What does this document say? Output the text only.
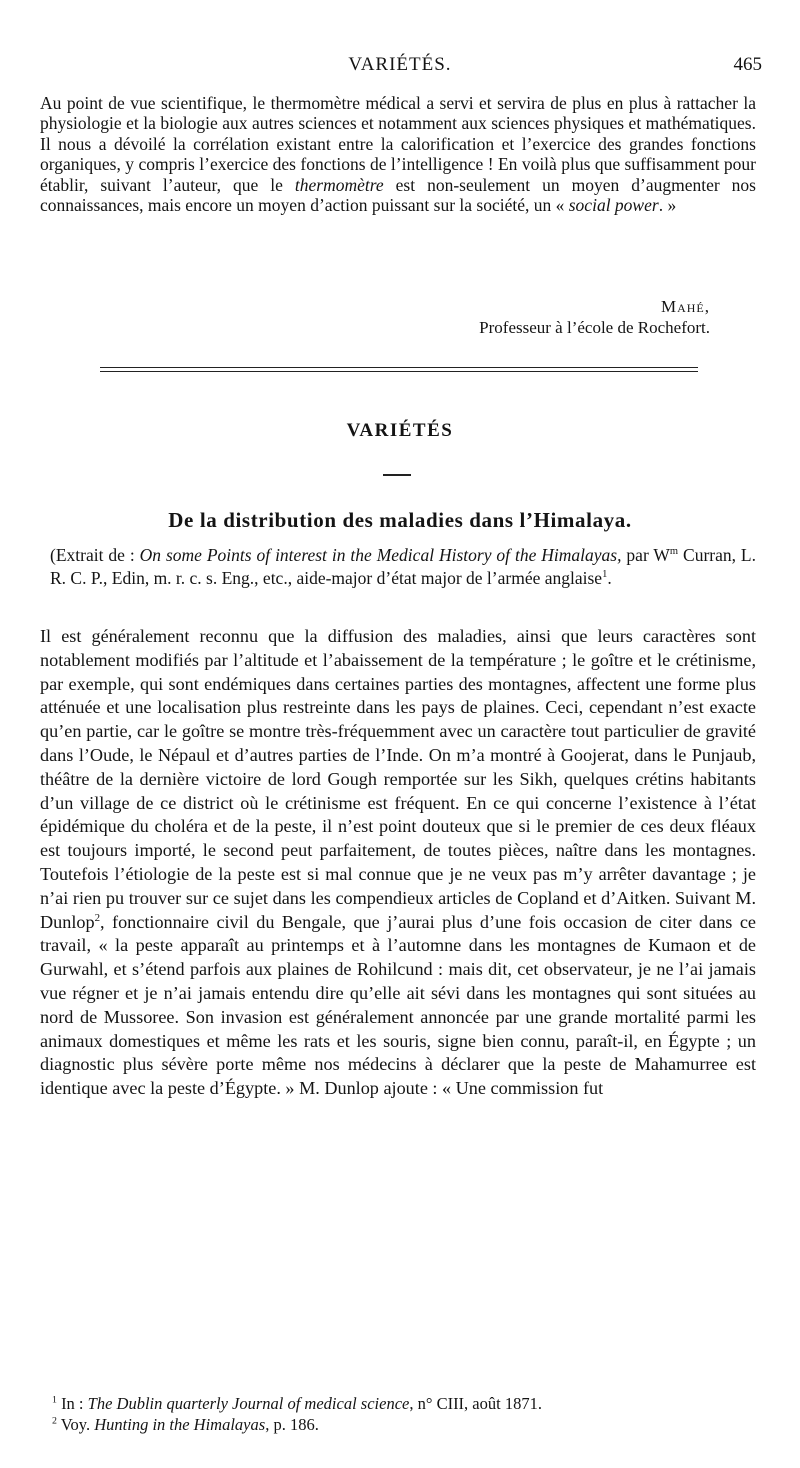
VARIÉTÉS.	465
Au point de vue scientifique, le thermomètre médical a servi et servira de plus en plus à rattacher la physiologie et la biologie aux autres sciences et notamment aux sciences physiques et mathématiques. Il nous a dévoilé la corrélation existant entre la calorification et l’exercice des grandes fonctions organiques, y compris l’exercice des fonctions de l’intelligence ! En voilà plus que suffisamment pour établir, suivant l’auteur, que le thermomètre est non-seulement un moyen d’augmenter nos connaissances, mais encore un moyen d’action puissant sur la société, un « social power. »
Mahé,
Professeur à l’école de Rochefort.
VARIÉTÉS
De la distribution des maladies dans l’Himalaya.
(Extrait de : On some Points of interest in the Medical History of the Himalayas, par $W^m$ Curran, L. R. C. P., Edin, m. r. c. s. Eng., etc., aide-major d’état major de l’armée anglaise$^1$.
Il est généralement reconnu que la diffusion des maladies, ainsi que leurs caractères sont notablement modifiés par l’altitude et l’abaissement de la température ; le goître et le crétinisme, par exemple, qui sont endémiques dans certaines parties des montagnes, affectent une forme plus atténuée et une localisation plus restreinte dans les pays de plaines. Ceci, cependant n’est exacte qu’en partie, car le goître se montre très-fréquemment avec un caractère tout particulier de gravité dans l’Oude, le Népaul et d’autres parties de l’Inde. On m’a montré à Goojerat, dans le Punjaub, théâtre de la dernière victoire de lord Gough remportée sur les Sikh, quelques crétins habitants d’un village de ce district où le crétinisme est fréquent. En ce qui concerne l’existence à l’état épidémique du choléra et de la peste, il n’est point douteux que si le premier de ces deux fléaux est toujours importé, le second peut parfaitement, de toutes pièces, naître dans les montagnes. Toutefois l’étiologie de la peste est si mal connue que je ne veux pas m’y arrêter davantage ; je n’ai rien pu trouver sur ce sujet dans les compendieux articles de Copland et d’Aitken. Suivant M. Dunlop$^2$, fonctionnaire civil du Bengale, que j’aurai plus d’une fois occasion de citer dans ce travail, « la peste apparaît au printemps et à l’automne dans les montagnes de Kumaon et de Gurwahl, et s’étend parfois aux plaines de Rohilcund : mais dit, cet observateur, je ne l’ai jamais vue régner et je n’ai jamais entendu dire qu’elle ait sévi dans les montagnes qui sont situées au nord de Mussoree. Son invasion est généralement annoncée par une grande mortalité parmi les animaux domestiques et même les rats et les souris, signe bien connu, paraît-il, en Égypte ; un diagnostic plus sévère porte même nos médecins à déclarer que la peste de Mahamurree est identique avec la peste d’Égypte. » M. Dunlop ajoute : « Une commission fut
$^1$ In : The Dublin quarterly Journal of medical science, n° CIII, août 1871.
$^2$ Voy. Hunting in the Himalayas, p. 186.
